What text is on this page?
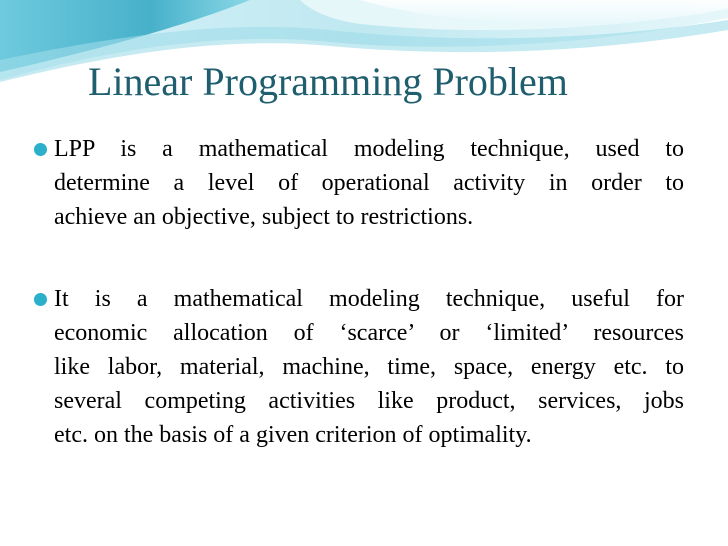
Linear Programming Problem

LPP is a mathematical modeling technique, used to
determine a level of operational activity in order to
achieve an objective, subject to restrictions.

It is a mathematical modeling technique, useful for
economic allocation of ‘scarce’ or ‘limited’ resources
like labor, material, machine, time, space, energy etc. to
several competing activities like product, services, jobs
etc. on the basis of a given criterion of optimality.
